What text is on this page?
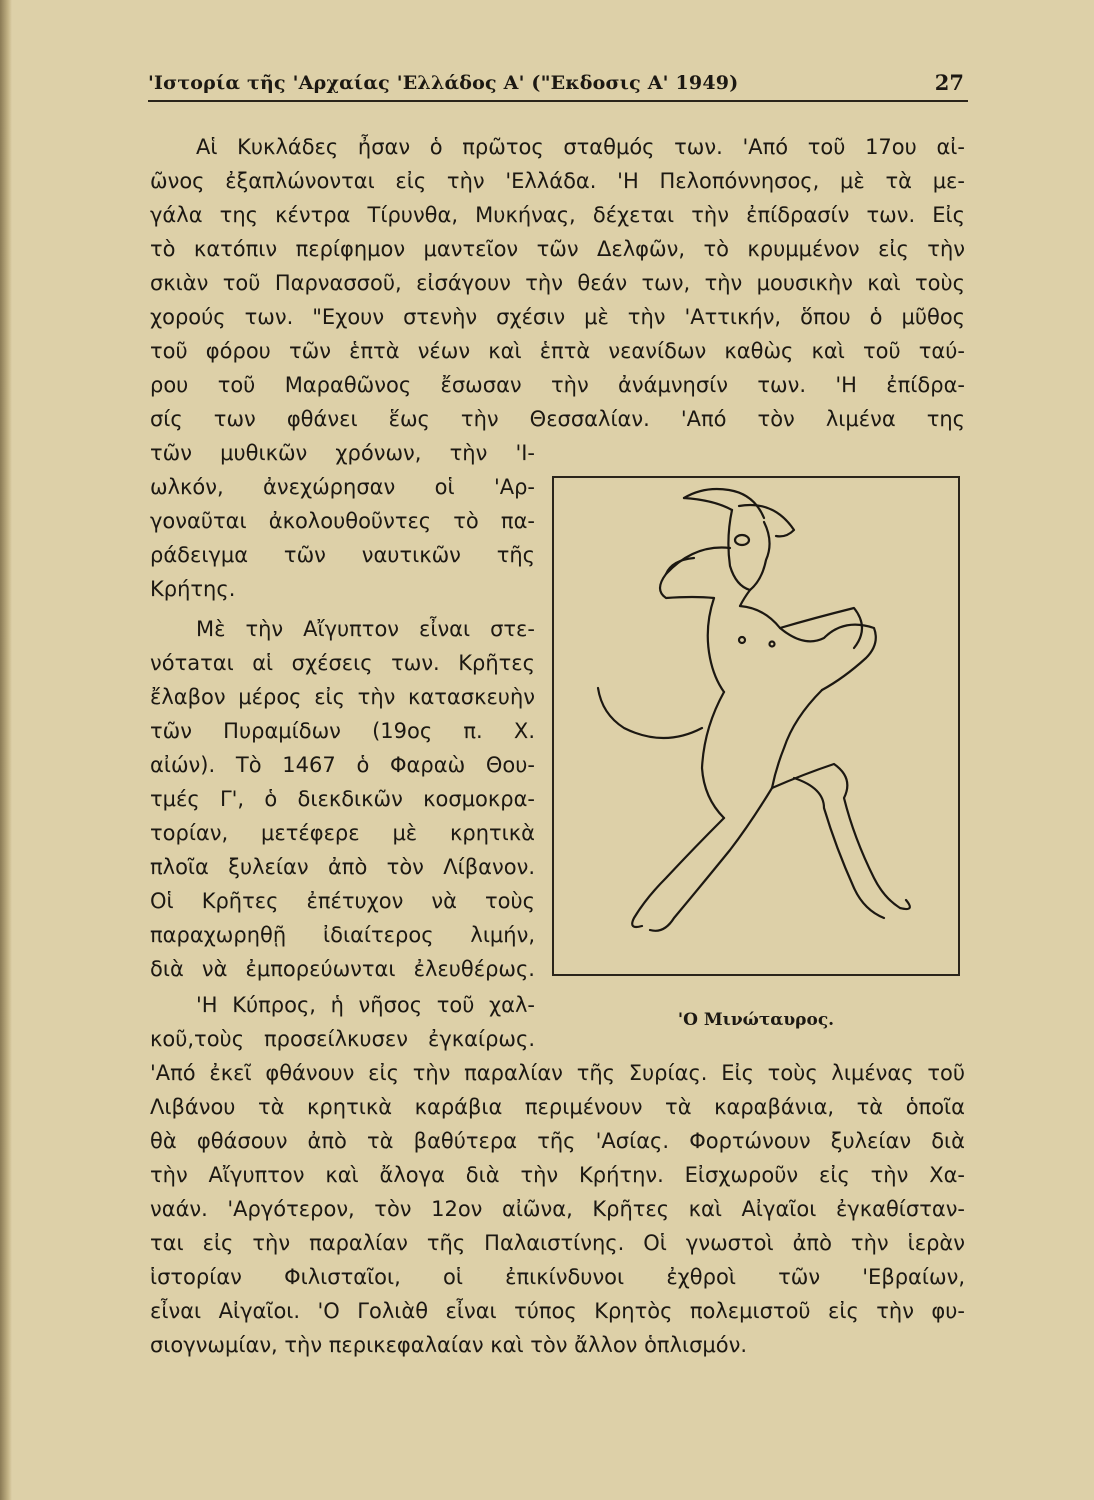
'Ιστορία τῆς 'Αρχαίας 'Ελλάδος Α' ("Εκδοσις Α' 1949)	27
Αἱ Κυκλάδες ἦσαν ὁ πρῶτος σταθμός των. 'Από τοῦ 17ου αἰ-
ῶνος ἐξαπλώνονται εἰς τὴν 'Ελλάδα. 'Η Πελοπόννησος, μὲ τὰ με-
γάλα της κέντρα Τίρυνθα, Μυκήνας, δέχεται τὴν ἐπίδρασίν των. Εἰς
τὸ κατόπιν περίφημον μαντεῖον τῶν Δελφῶν, τὸ κρυμμένον εἰς τὴν
σκιὰν τοῦ Παρνασσοῦ, εἰσάγουν τὴν θεάν των, τὴν μουσικὴν καὶ τοὺς
χορούς των. "Εχουν στενὴν σχέσιν μὲ τὴν 'Αττικήν, ὅπου ὁ μῦθος
τοῦ φόρου τῶν ἑπτὰ νέων καὶ ἑπτὰ νεανίδων καθὼς καὶ τοῦ ταύ-
ρου τοῦ Μαραθῶνος ἔσωσαν τὴν ἀνάμνησίν των. 'Η ἐπίδρα-
σίς των φθάνει ἕως τὴν Θεσσαλίαν. 'Από τὸν λιμένα της
τῶν μυθικῶν χρόνων, τὴν 'Ι-
ωλκόν, ἀνεχώρησαν οἱ 'Αρ-
γοναῦται ἀκολουθοῦντες τὸ πα-
ράδειγμα τῶν ναυτικῶν τῆς
Κρήτης.
Μὲ τὴν Αἴγυπτον εἶναι στε-
νότаται αἱ σχέσεις των. Κρῆτες
ἔλαβον μέρος εἰς τὴν κατασκευὴν
τῶν Πυραμίδων (19ος π. Χ.
αἰών). Τὸ 1467 ὁ Φαραὼ Θου-
τμές Γ', ὁ διεκδικῶν κοσμοκρα-
τορίαν, μετέφερε μὲ κρητικὰ
πλοῖα ξυλείαν ἀπὸ τὸν Λίβανον.
Οἱ Κρῆτες ἐπέτυχον νὰ τοὺς
παραχωρηθῇ ἰδιαίτερος λιμήν,
διὰ νὰ ἐμπορεύωνται ἐλευθέρως.
'Η Κύπρος, ἡ νῆσος τοῦ χαλ-
κοῦ,τοὺς προσείλκυσεν ἐγκαίρως.
'Από ἐκεῖ φθάνουν εἰς τὴν παραλίαν τῆς Συρίας. Εἰς τοὺς λιμένας τοῦ
Λιβάνου τὰ κρητικὰ καράβια περιμένουν τὰ καραβάνια, τὰ ὁποῖα
θὰ φθάσουν ἀπὸ τὰ βαθύτερα τῆς 'Ασίας. Φορτώνουν ξυλείαν διὰ
τὴν Αἴγυπτον καὶ ἄλογα διὰ τὴν Κρήτην. Εἰσχωροῦν εἰς τὴν Χα-
ναάν. 'Αργότερον, τὸν 12ον αἰῶνα, Κρῆτες καὶ Αἰγαῖοι ἐγκαθίσταν-
ται εἰς τὴν παραλίαν τῆς Παλαιστίνης. Οἱ γνωστοὶ ἀπὸ τὴν ἱερὰν
ἱστορίαν Φιλισταῖοι, οἱ ἐπικίνδυνοι ἐχθροὶ τῶν 'Εβραίων,
εἶναι Αἰγαῖοι. 'Ο Γολιὰθ εἶναι τύπος Κρητὸς πολεμιστοῦ εἰς τὴν φυ-
σιογνωμίαν, τὴν περικεφαλαίαν καὶ τὸν ἄλλον ὁπλισμόν.
'Ο Μινώταυρος.
